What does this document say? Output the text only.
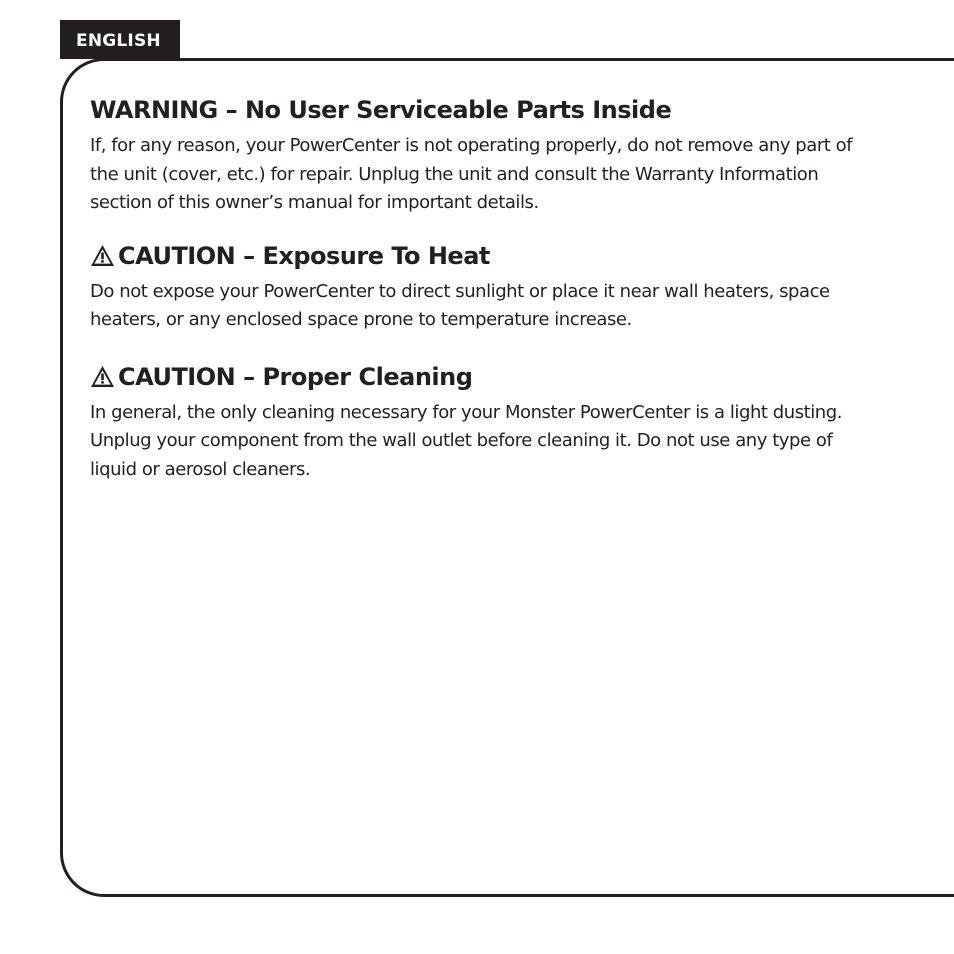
ENGLISH
WARNING – No User Serviceable Parts Inside

If, for any reason, your PowerCenter is not operating properly, do not remove any part of the unit (cover, etc.) for repair. Unplug the unit and consult the Warranty Information section of this owner’s manual for important details.

CAUTION – Exposure To Heat

Do not expose your PowerCenter to direct sunlight or place it near wall heaters, space heaters, or any enclosed space prone to temperature increase.

CAUTION – Proper Cleaning

In general, the only cleaning necessary for your Monster PowerCenter is a light dusting. Unplug your component from the wall outlet before cleaning it. Do not use any type of liquid or aerosol cleaners.
